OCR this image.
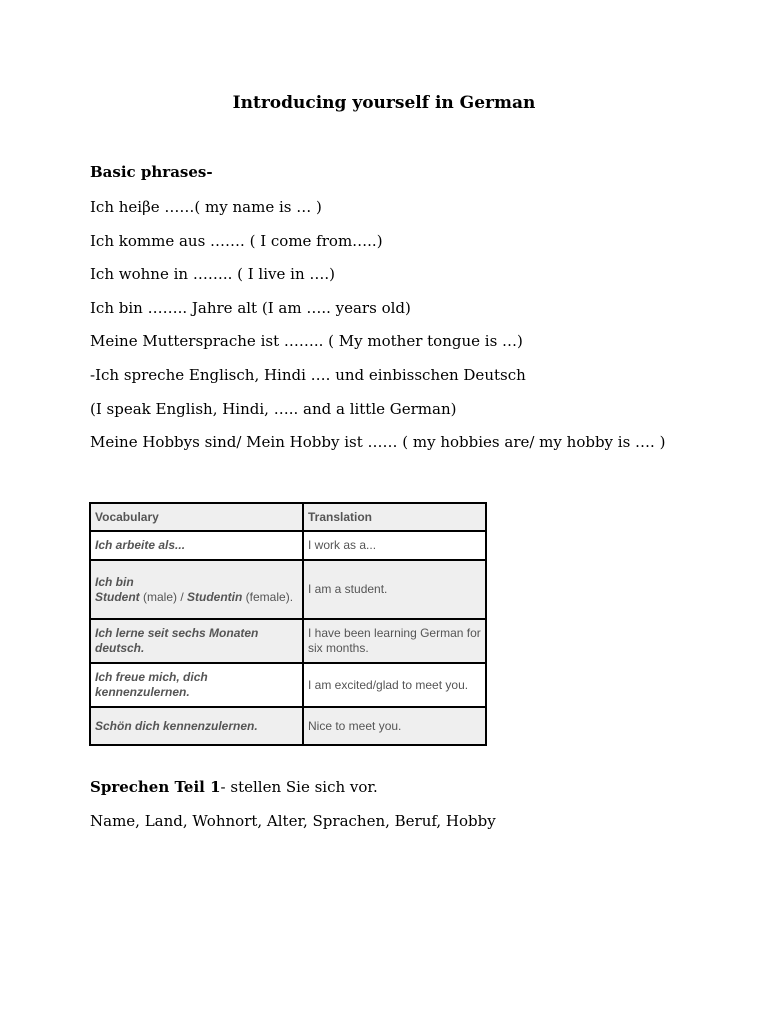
Introducing yourself in German
Basic phrases-
Ich heiβe ……( my name is … )
Ich komme aus ……. ( I come from…..)
Ich wohne in …….. ( I live in ….)
Ich bin …….. Jahre alt (I am ….. years old)
Meine Muttersprache ist …….. ( My mother tongue is …)
-Ich spreche Englisch, Hindi …. und einbisschen Deutsch
(I speak English, Hindi, ….. and a little German)
Meine Hobbys sind/ Mein Hobby ist …… ( my hobbies are/ my hobby is …. )
Vocabulary	Translation
Ich arbeite als...	I work as a...
Ich bin
Student (male) / Studentin (female).	I am a student.
Ich lerne seit sechs Monaten deutsch.	I have been learning German for six months.
Ich freue mich, dich kennenzulernen.	I am excited/glad to meet you.
Schön dich kennenzulernen.	Nice to meet you.
Sprechen Teil 1- stellen Sie sich vor.
Name, Land, Wohnort, Alter, Sprachen, Beruf, Hobby
